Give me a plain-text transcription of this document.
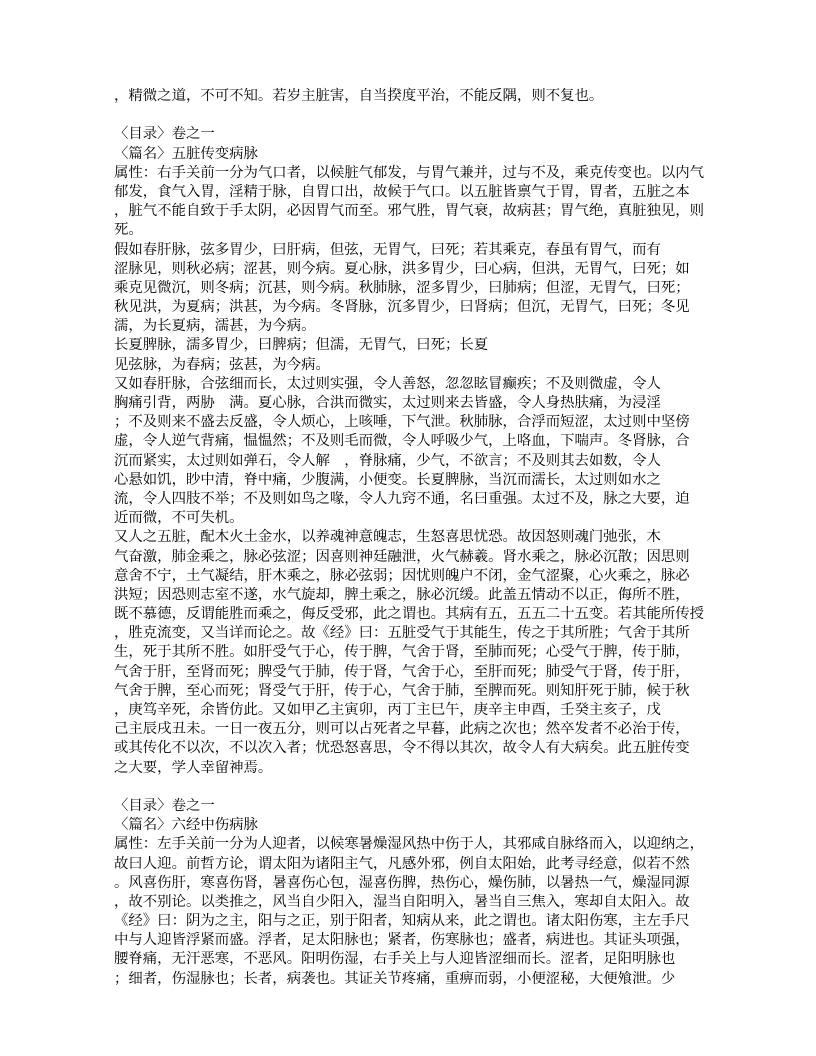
，精微之道，不可不知。若岁主脏害，自当揆度平治，不能反隅，则不复也。
〈目录〉卷之一
〈篇名〉五脏传变病脉
属性：右手关前一分为气口者，以候脏气郁发，与胃气兼并，过与不及，乘克传变也。以内气
郁发，食气入胃，淫精于脉，自胃口出，故候于气口。以五脏皆禀气于胃，胃者，五脏之本
，脏气不能自致于手太阴，必因胃气而至。邪气胜，胃气衰，故病甚；胃气绝，真脏独见，则
死。
假如春肝脉，弦多胃少，曰肝病，但弦，无胃气，曰死；若其乘克，春虽有胃气，而有
涩脉见，则秋必病；涩甚，则今病。夏心脉，洪多胃少，曰心病，但洪，无胃气，曰死；如
乘克见微沉，则冬病；沉甚，则今病。秋肺脉，涩多胃少，曰肺病；但涩，无胃气，曰死；
秋见洪，为夏病；洪甚，为今病。冬肾脉，沉多胃少，曰肾病；但沉，无胃气，曰死；冬见
濡，为长夏病，濡甚，为今病。
长夏脾脉，濡多胃少，曰脾病；但濡，无胃气，曰死；长夏
见弦脉，为春病；弦甚，为今病。
又如春肝脉，合弦细而长，太过则实强，令人善怒，忽忽眩冒癫疾；不及则微虚，令人
胸痛引背，两胁　满。夏心脉，合洪而微实，太过则来去皆盛，令人身热肤痛，为浸淫
；不及则来不盛去反盛，令人烦心，上咳唾，下气泄。秋肺脉，合浮而短涩，太过则中坚傍
虚，令人逆气背痛，愠愠然；不及则毛而微，令人呼吸少气，上咯血，下喘声。冬肾脉，合
沉而紧实，太过则如弹石，令人解　，脊脉痛，少气，不欲言；不及则其去如数，令人
心悬如饥，眇中清，脊中痛，少腹满，小便变。长夏脾脉，当沉而濡长，太过则如水之
流，令人四肢不举；不及则如鸟之喙，令人九窍不通，名曰重强。太过不及，脉之大要，迫
近而微，不可失机。
又人之五脏，配木火土金水，以养魂神意魄志，生怒喜思忧恐。故因怒则魂门弛张，木
气奋激，肺金乘之，脉必弦涩；因喜则神廷融泄，火气赫羲。肾水乘之，脉必沉散；因思则
意舍不宁，土气凝结，肝木乘之，脉必弦弱；因忧则魄户不闭，金气涩聚，心火乘之，脉必
洪短；因恐则志室不遂，水气旋却，脾土乘之，脉必沉缓。此盖五情动不以正，侮所不胜，
既不慕德，反谓能胜而乘之，侮反受邪，此之谓也。其病有五，五五二十五变。若其能所传授
，胜克流变，又当详而论之。故《经》曰：五脏受气于其能生，传之于其所胜；气舍于其所
生，死于其所不胜。如肝受气于心，传于脾，气舍于肾，至肺而死；心受气于脾，传于肺，
气舍于肝，至肾而死；脾受气于肺，传于肾，气舍于心，至肝而死；肺受气于肾，传于肝，
气舍于脾，至心而死；肾受气于肝，传于心，气舍于肺，至脾而死。则知肝死于肺，候于秋
，庚笃辛死，余皆仿此。又如甲乙主寅卯，丙丁主巳午，庚辛主申酉，壬癸主亥子，戊
己主辰戌丑未。一日一夜五分，则可以占死者之早暮，此病之次也；然卒发者不必治于传，
或其传化不以次，不以次入者；忧恐怒喜思，令不得以其次，故令人有大病矣。此五脏传变
之大要，学人幸留神焉。
〈目录〉卷之一
〈篇名〉六经中伤病脉
属性：左手关前一分为人迎者，以候寒暑燥湿风热中伤于人，其邪咸自脉络而入，以迎纳之，
故曰人迎。前哲方论，谓太阳为诸阳主气，凡感外邪，例自太阳始，此考寻经意，似若不然
。风喜伤肝，寒喜伤肾，暑喜伤心包，湿喜伤脾，热伤心，燥伤肺，以暑热一气，燥湿同源
，故不别论。以类推之，风当自少阳入，湿当自阳明入，暑当自三焦入，寒却自太阳入。故
《经》曰：阴为之主，阳与之正，别于阳者，知病从来，此之谓也。诸太阳伤寒，主左手尺
中与人迎皆浮紧而盛。浮者，足太阳脉也；紧者，伤寒脉也；盛者，病进也。其证头项强，
腰脊痛，无汗恶寒，不恶风。阳明伤湿，右手关上与人迎皆涩细而长。涩者，足阳明脉也
；细者，伤湿脉也；长者，病袭也。其证关节疼痛，重痹而弱，小便涩秘，大便飧泄。少
